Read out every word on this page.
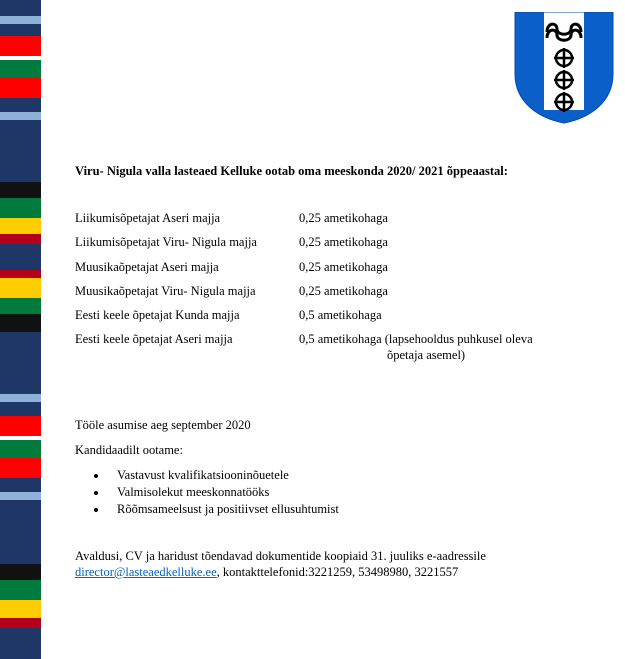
Viru- Nigula valla lasteaed Kelluke ootab oma meeskonda 2020/ 2021 õppeaastal:
Liikumisõpetajat Aseri majja	0,25 ametikohaga
Liikumisõpetajat Viru- Nigula majja	0,25 ametikohaga
Muusikaõpetajat Aseri majja	0,25 ametikohaga
Muusikaõpetajat Viru- Nigula majja	0,25 ametikohaga
Eesti keele õpetajat Kunda majja	0,5 ametikohaga
Eesti keele õpetajat Aseri majja	0,5 ametikohaga (lapsehooldus puhkusel oleva
õpetaja asemel)
Tööle asumise aeg september 2020
Kandidaadilt ootame:
Vastavust kvalifikatsiooninõuetele
Valmisolekut meeskonnatööks
Rõõmsameelsust ja positiivset ellusuhtumist
Avaldusi, CV ja haridust tõendavad dokumentide koopiaid 31. juuliks e-aadressile
director@lasteaedkelluke.ee, kontakttelefonid:3221259, 53498980, 3221557
